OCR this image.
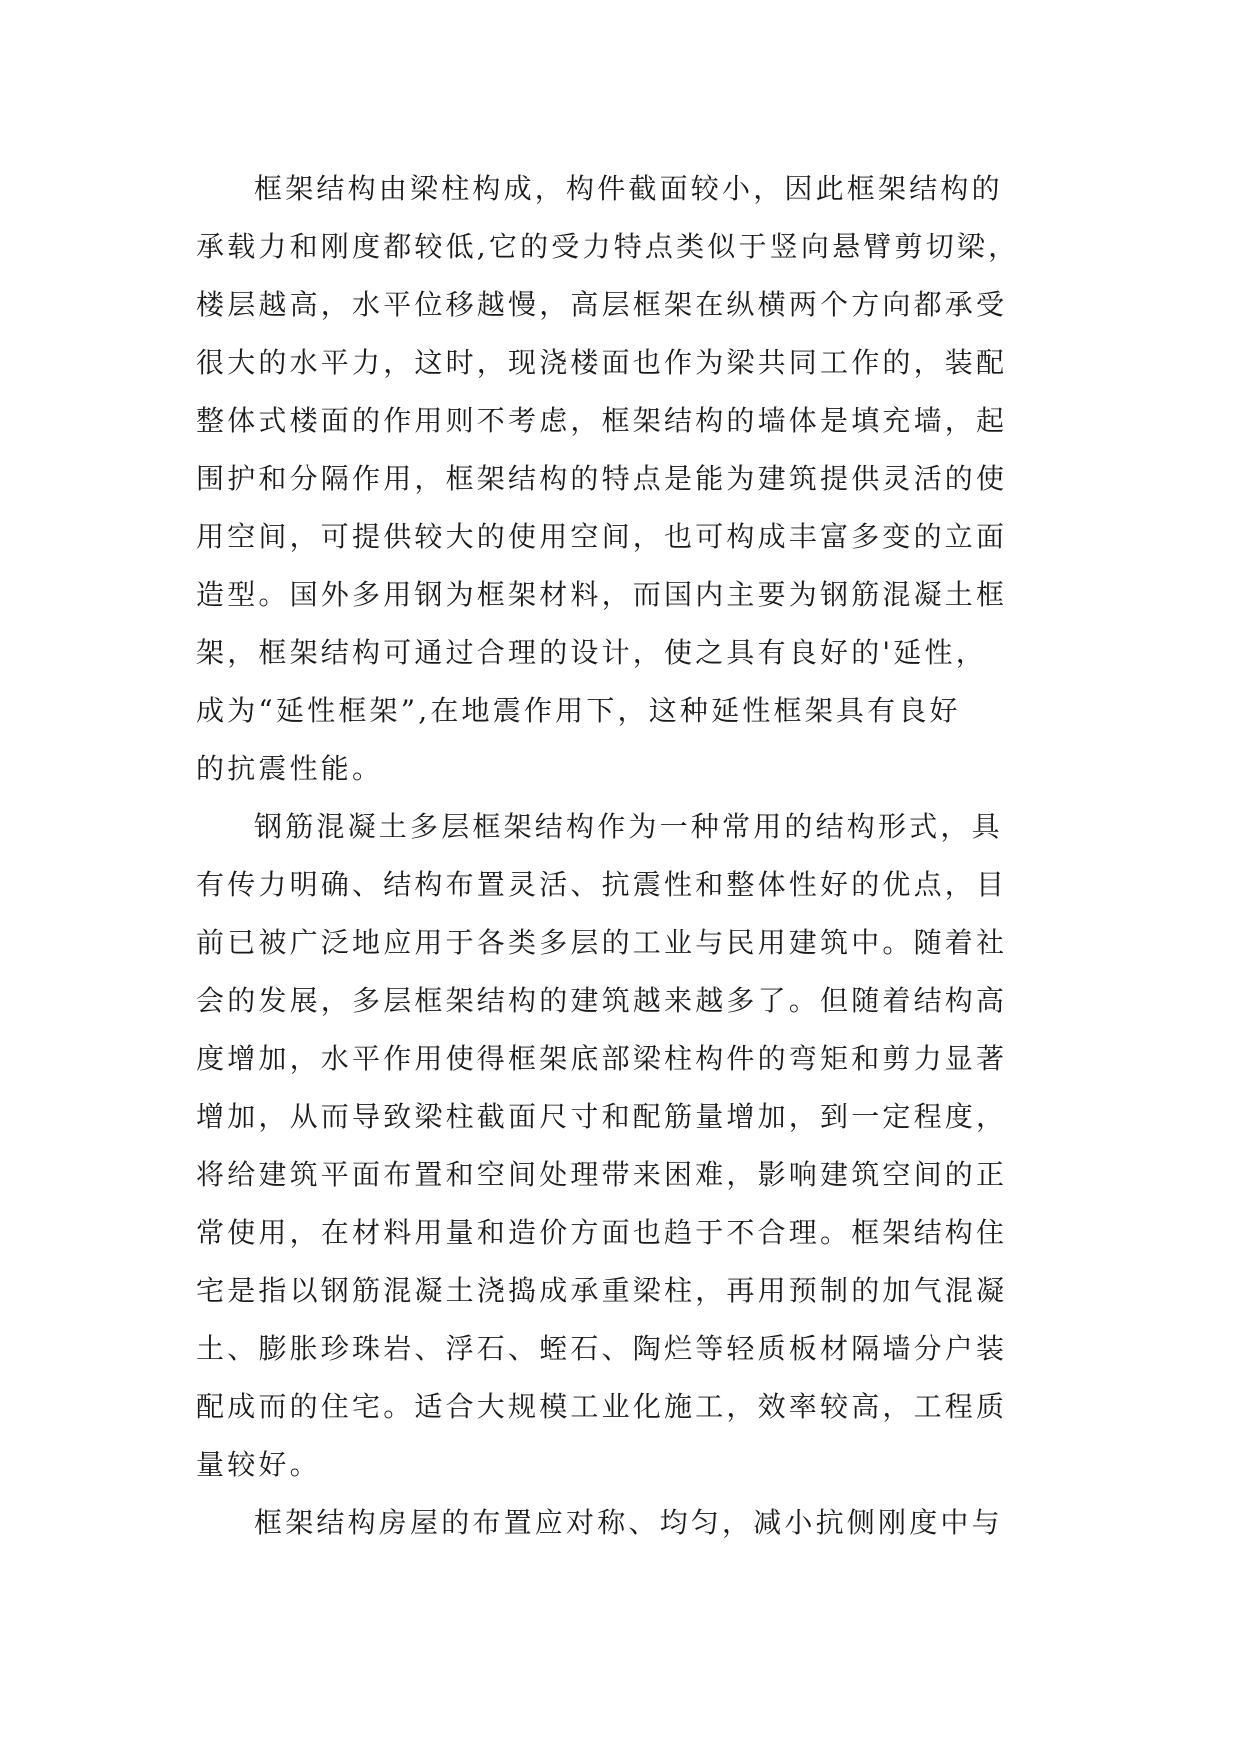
框架结构由梁柱构成，构件截面较小，因此框架结构的
承载力和刚度都较低,它的受力特点类似于竖向悬臂剪切梁，
楼层越高，水平位移越慢，高层框架在纵横两个方向都承受
很大的水平力，这时，现浇楼面也作为梁共同工作的，装配
整体式楼面的作用则不考虑，框架结构的墙体是填充墙，起
围护和分隔作用，框架结构的特点是能为建筑提供灵活的使
用空间，可提供较大的使用空间，也可构成丰富多变的立面
造型。国外多用钢为框架材料，而国内主要为钢筋混凝土框
架，框架结构可通过合理的设计，使之具有良好的'延性，
成为“延性框架”,在地震作用下，这种延性框架具有良好
的抗震性能。
钢筋混凝土多层框架结构作为一种常用的结构形式，具
有传力明确、结构布置灵活、抗震性和整体性好的优点，目
前已被广泛地应用于各类多层的工业与民用建筑中。随着社
会的发展，多层框架结构的建筑越来越多了。但随着结构高
度增加，水平作用使得框架底部梁柱构件的弯矩和剪力显著
增加，从而导致梁柱截面尺寸和配筋量增加，到一定程度，
将给建筑平面布置和空间处理带来困难，影响建筑空间的正
常使用，在材料用量和造价方面也趋于不合理。框架结构住
宅是指以钢筋混凝土浇捣成承重梁柱，再用预制的加气混凝
土、膨胀珍珠岩、浮石、蛭石、陶烂等轻质板材隔墙分户装
配成而的住宅。适合大规模工业化施工，效率较高，工程质
量较好。
框架结构房屋的布置应对称、均匀，减小抗侧刚度中与
